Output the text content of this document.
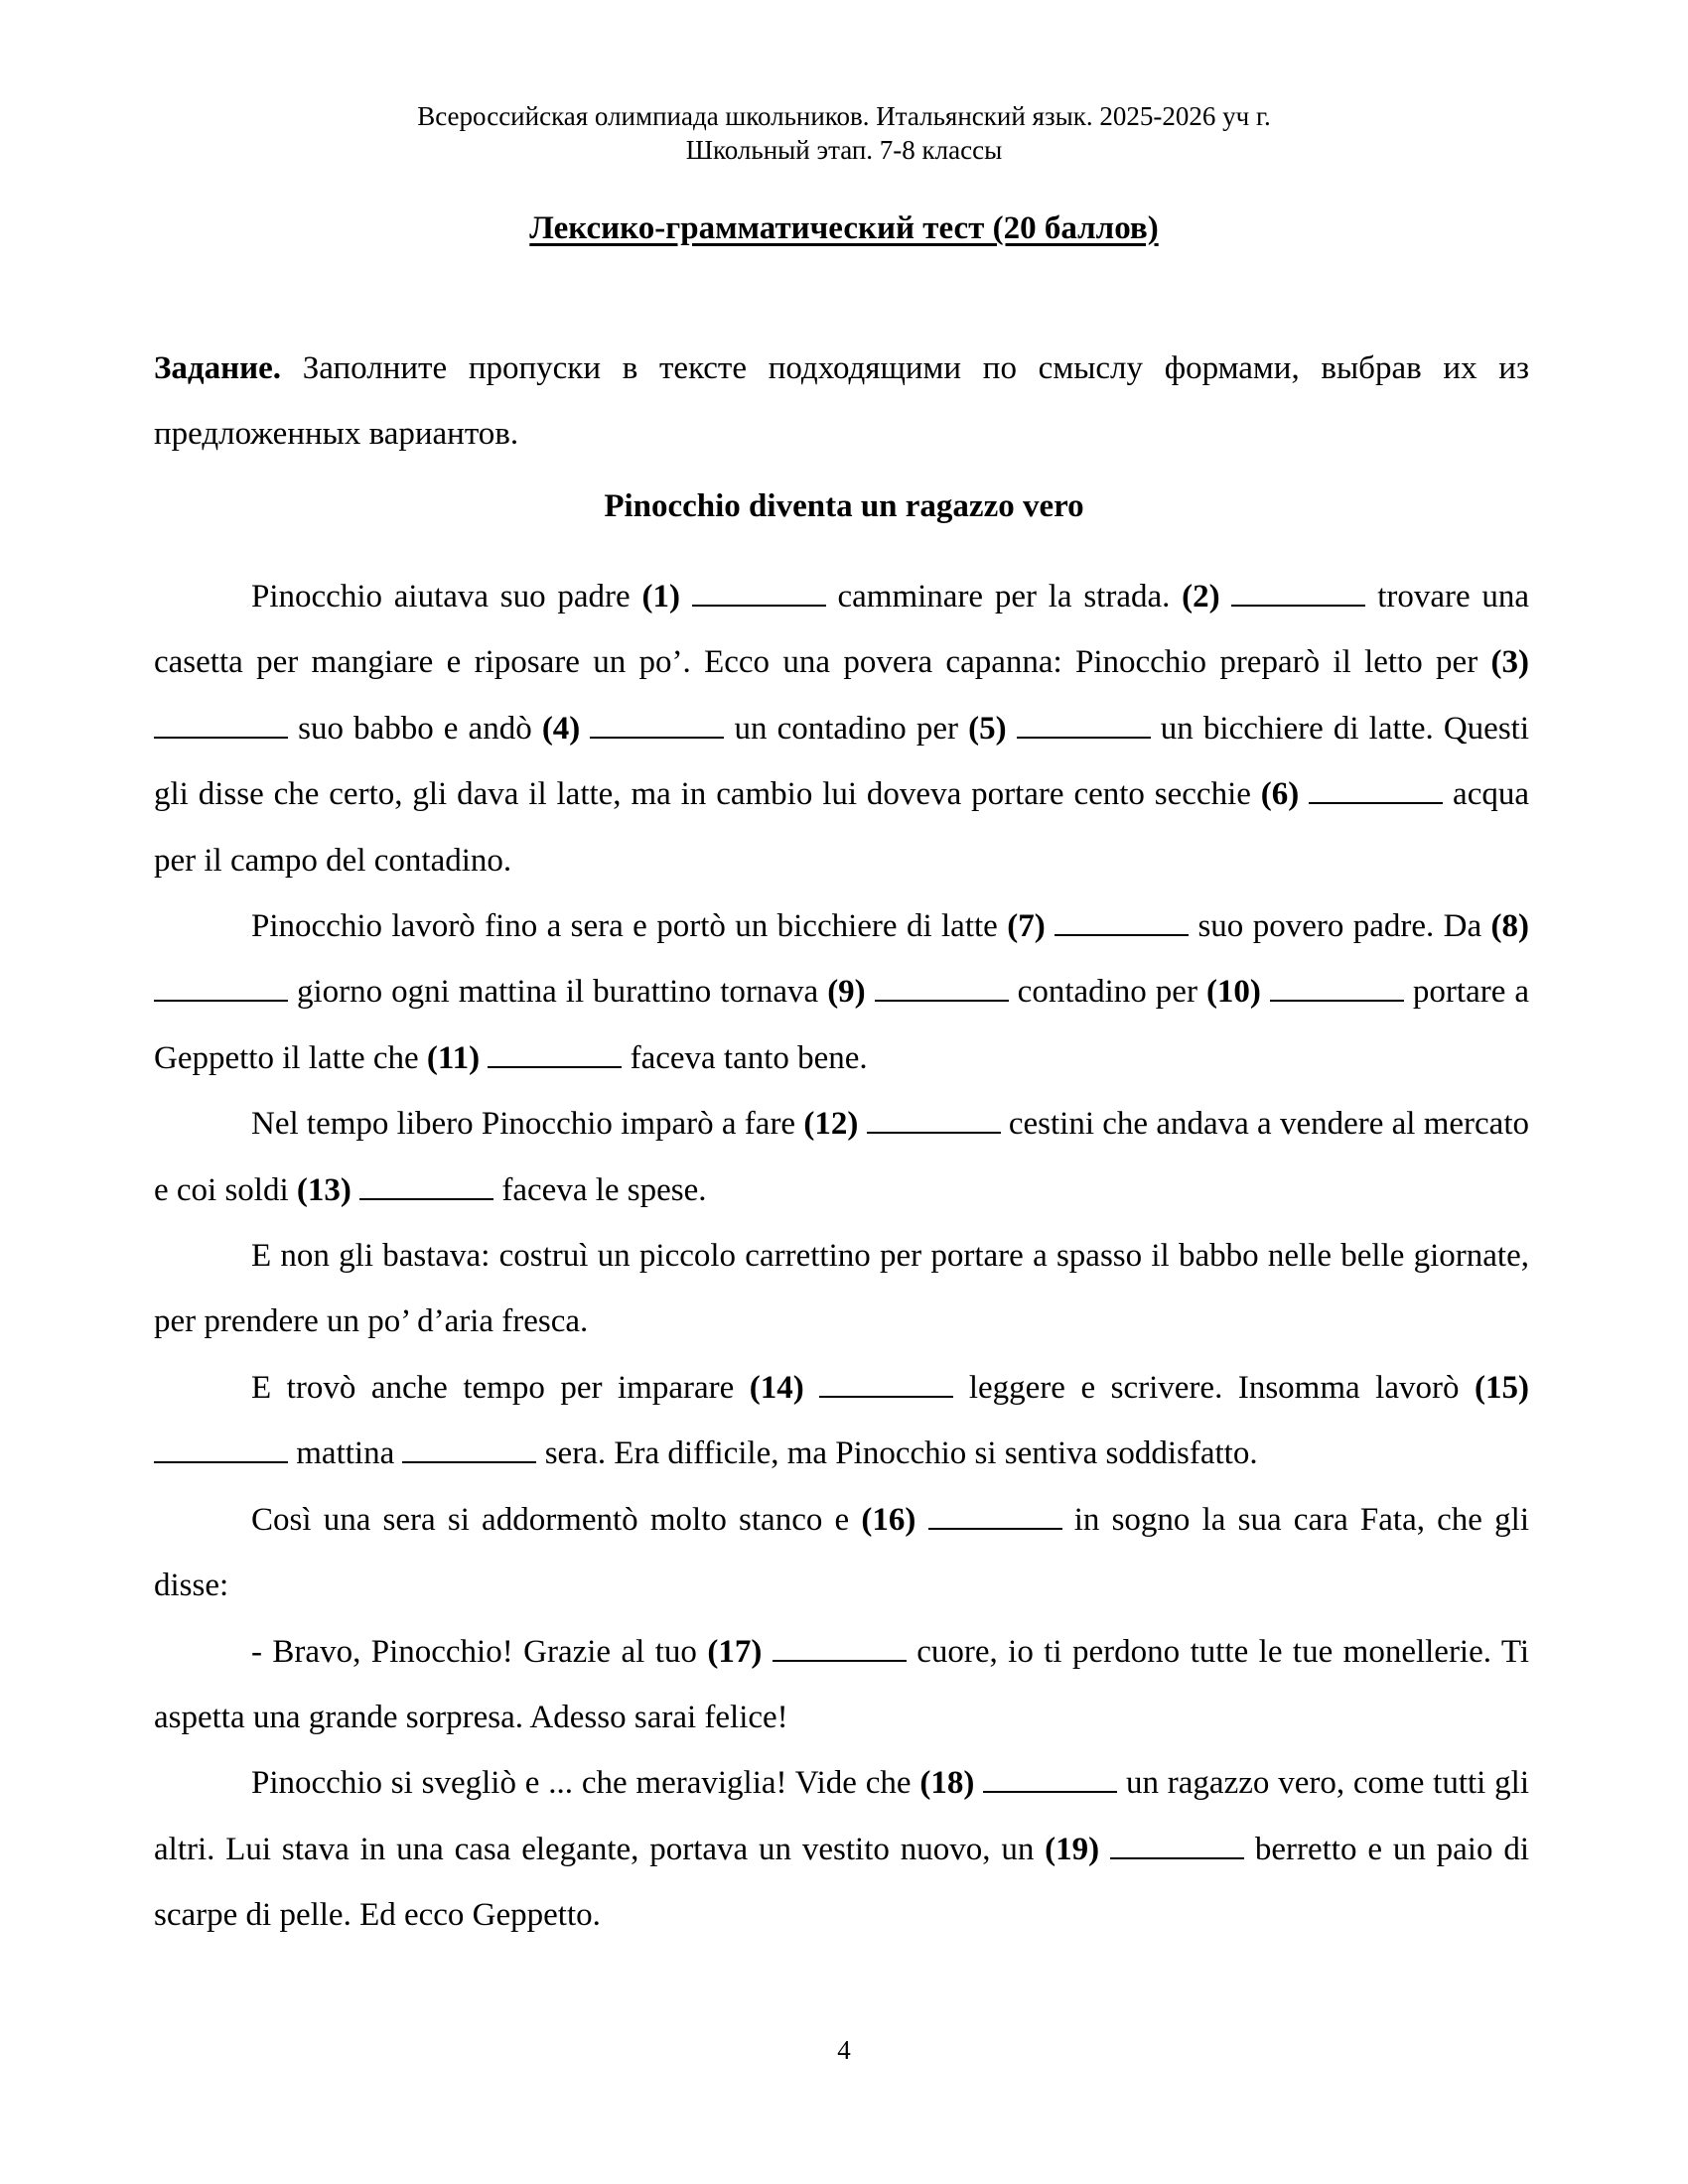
Всероссийская олимпиада школьников. Итальянский язык. 2025-2026 уч г.
Школьный этап. 7-8 классы
Лексико-грамматический тест (20 баллов)
Задание. Заполните пропуски в тексте подходящими по смыслу формами, выбрав их из предложенных вариантов.
Pinocchio diventa un ragazzo vero

Pinocchio aiutava suo padre (1)	camminare per la strada. (2)	trovare una casetta per mangiare e riposare un po’. Ecco una povera capanna: Pinocchio preparò il letto per (3)  suo babbo e andò (4)	un contadino per (5)	un bicchiere di latte. Questi gli disse che certo, gli dava il latte, ma in cambio lui doveva portare cento secchie (6)	acqua per il campo del contadino.

Pinocchio lavorò fino a sera e portò un bicchiere di latte (7)	suo povero padre. Da (8)  giorno ogni mattina il burattino tornava (9)	contadino per (10)	portare a Geppetto il latte che (11)	faceva tanto bene.

Nel tempo libero Pinocchio imparò a fare (12)	cestini che andava a vendere al mercato e coi soldi (13)	faceva le spese.

E non gli bastava: costruì un piccolo carrettino per portare a spasso il babbo nelle belle giornate, per prendere un po’ d’aria fresca.

E trovò anche tempo per imparare (14)	leggere e scrivere. Insomma lavorò (15)  mattina	sera. Era difficile, ma Pinocchio si sentiva soddisfatto.

Così una sera si addormentò molto stanco e (16)	in sogno la sua cara Fata, che gli disse:

- Bravo, Pinocchio! Grazie al tuo (17)	cuore, io ti perdono tutte le tue monellerie. Ti aspetta una grande sorpresa. Adesso sarai felice!

Pinocchio si svegliò e ... che meraviglia! Vide che (18)	un ragazzo vero, come tutti gli altri. Lui stava in una casa elegante, portava un vestito nuovo, un (19)	berretto e un paio di scarpe di pelle. Ed ecco Geppetto.

4
